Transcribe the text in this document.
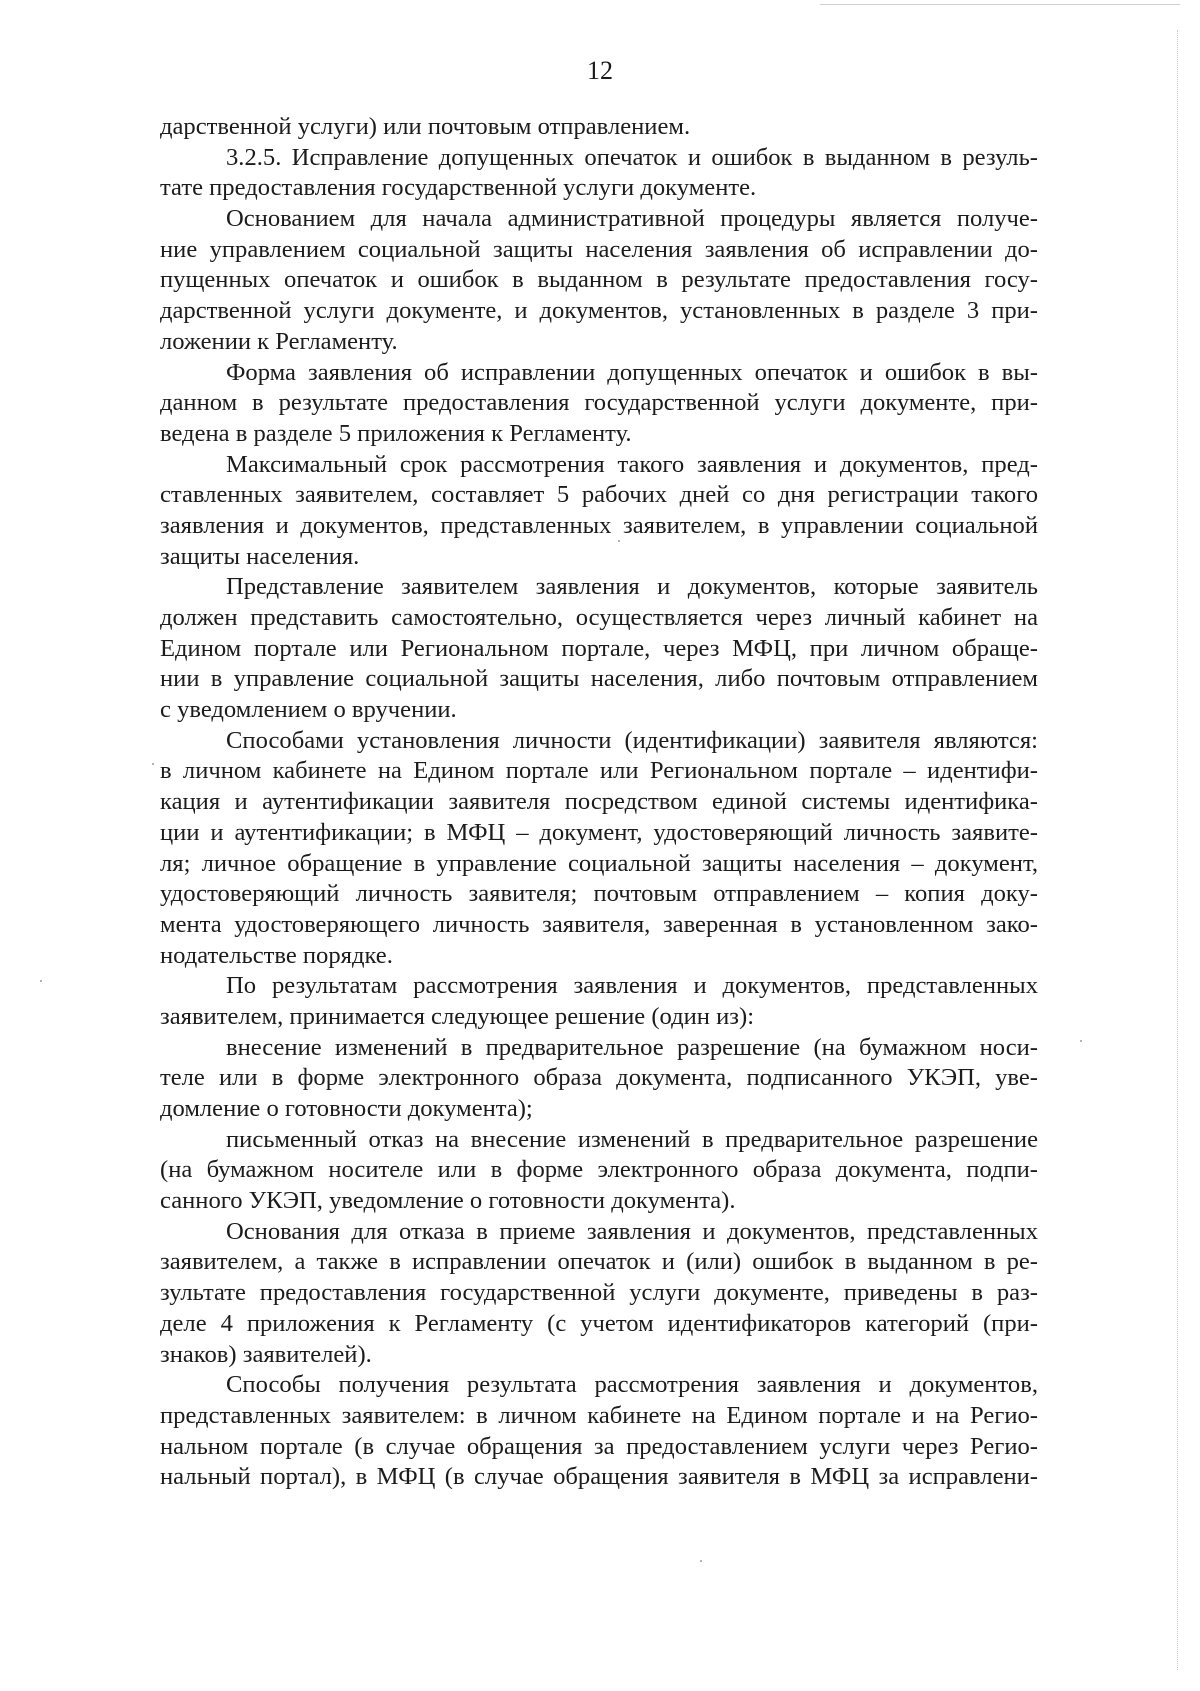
12
дарственной услуги) или почтовым отправлением.
3.2.5. Исправление допущенных опечаток и ошибок в выданном в резуль-
тате предоставления государственной услуги документе.
Основанием для начала административной процедуры является получе-
ние управлением социальной защиты населения заявления об исправлении до-
пущенных опечаток и ошибок в выданном в результате предоставления госу-
дарственной услуги документе, и документов, установленных в разделе 3 при-
ложении к Регламенту.
Форма заявления об исправлении допущенных опечаток и ошибок в вы-
данном в результате предоставления государственной услуги документе, при-
ведена в разделе 5 приложения к Регламенту.
Максимальный срок рассмотрения такого заявления и документов, пред-
ставленных заявителем, составляет 5 рабочих дней со дня регистрации такого
заявления и документов, представленных заявителем, в управлении социальной
защиты населения.
Представление заявителем заявления и документов, которые заявитель
должен представить самостоятельно, осуществляется через личный кабинет на
Едином портале или Региональном портале, через МФЦ, при личном обраще-
нии в управление социальной защиты населения, либо почтовым отправлением
с уведомлением о вручении.
Способами установления личности (идентификации) заявителя являются:
в личном кабинете на Едином портале или Региональном портале – идентифи-
кация и аутентификации заявителя посредством единой системы идентифика-
ции и аутентификации; в МФЦ – документ, удостоверяющий личность заявите-
ля; личное обращение в управление социальной защиты населения – документ,
удостоверяющий личность заявителя; почтовым отправлением – копия доку-
мента удостоверяющего личность заявителя, заверенная в установленном зако-
нодательстве порядке.
По результатам рассмотрения заявления и документов, представленных
заявителем, принимается следующее решение (один из):
внесение изменений в предварительное разрешение (на бумажном носи-
теле или в форме электронного образа документа, подписанного УКЭП, уве-
домление о готовности документа);
письменный отказ на внесение изменений в предварительное разрешение
(на бумажном носителе или в форме электронного образа документа, подпи-
санного УКЭП, уведомление о готовности документа).
Основания для отказа в приеме заявления и документов, представленных
заявителем, а также в исправлении опечаток и (или) ошибок в выданном в ре-
зультате предоставления государственной услуги документе, приведены в раз-
деле 4 приложения к Регламенту (с учетом идентификаторов категорий (при-
знаков) заявителей).
Способы получения результата рассмотрения заявления и документов,
представленных заявителем: в личном кабинете на Едином портале и на Регио-
нальном портале (в случае обращения за предоставлением услуги через Регио-
нальный портал), в МФЦ (в случае обращения заявителя в МФЦ за исправлени-
